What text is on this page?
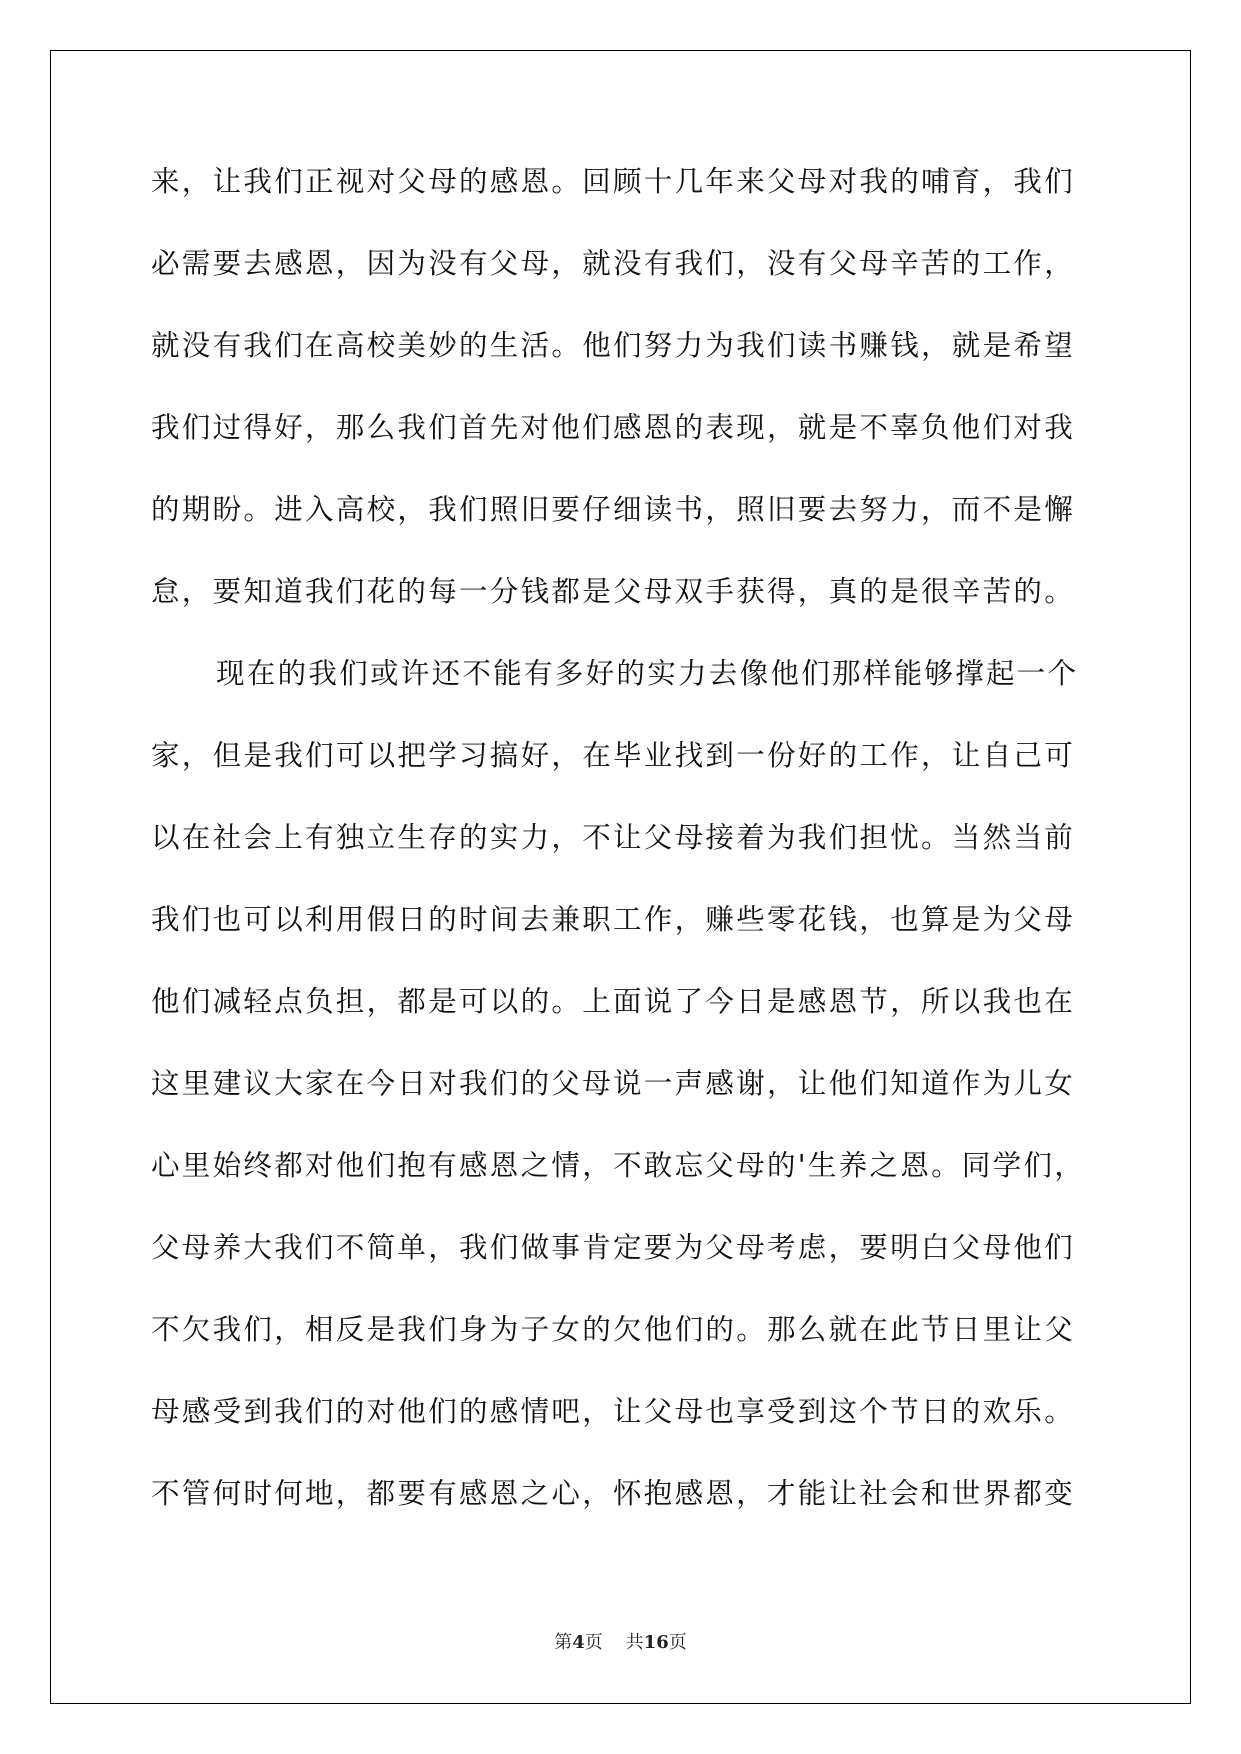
来，让我们正视对父母的感恩。回顾十几年来父母对我的哺育，我们
必需要去感恩，因为没有父母，就没有我们，没有父母辛苦的工作，
就没有我们在高校美妙的生活。他们努力为我们读书赚钱，就是希望
我们过得好，那么我们首先对他们感恩的表现，就是不辜负他们对我
的期盼。进入高校，我们照旧要仔细读书，照旧要去努力，而不是懈
怠，要知道我们花的每一分钱都是父母双手获得，真的是很辛苦的。
现在的我们或许还不能有多好的实力去像他们那样能够撑起一个
家，但是我们可以把学习搞好，在毕业找到一份好的工作，让自己可
以在社会上有独立生存的实力，不让父母接着为我们担忧。当然当前
我们也可以利用假日的时间去兼职工作，赚些零花钱，也算是为父母
他们减轻点负担，都是可以的。上面说了今日是感恩节，所以我也在
这里建议大家在今日对我们的父母说一声感谢，让他们知道作为儿女
心里始终都对他们抱有感恩之情，不敢忘父母的'生养之恩。同学们，
父母养大我们不简单，我们做事肯定要为父母考虑，要明白父母他们
不欠我们，相反是我们身为子女的欠他们的。那么就在此节日里让父
母感受到我们的对他们的感情吧，让父母也享受到这个节日的欢乐。
不管何时何地，都要有感恩之心，怀抱感恩，才能让社会和世界都变
第4页 共16页
